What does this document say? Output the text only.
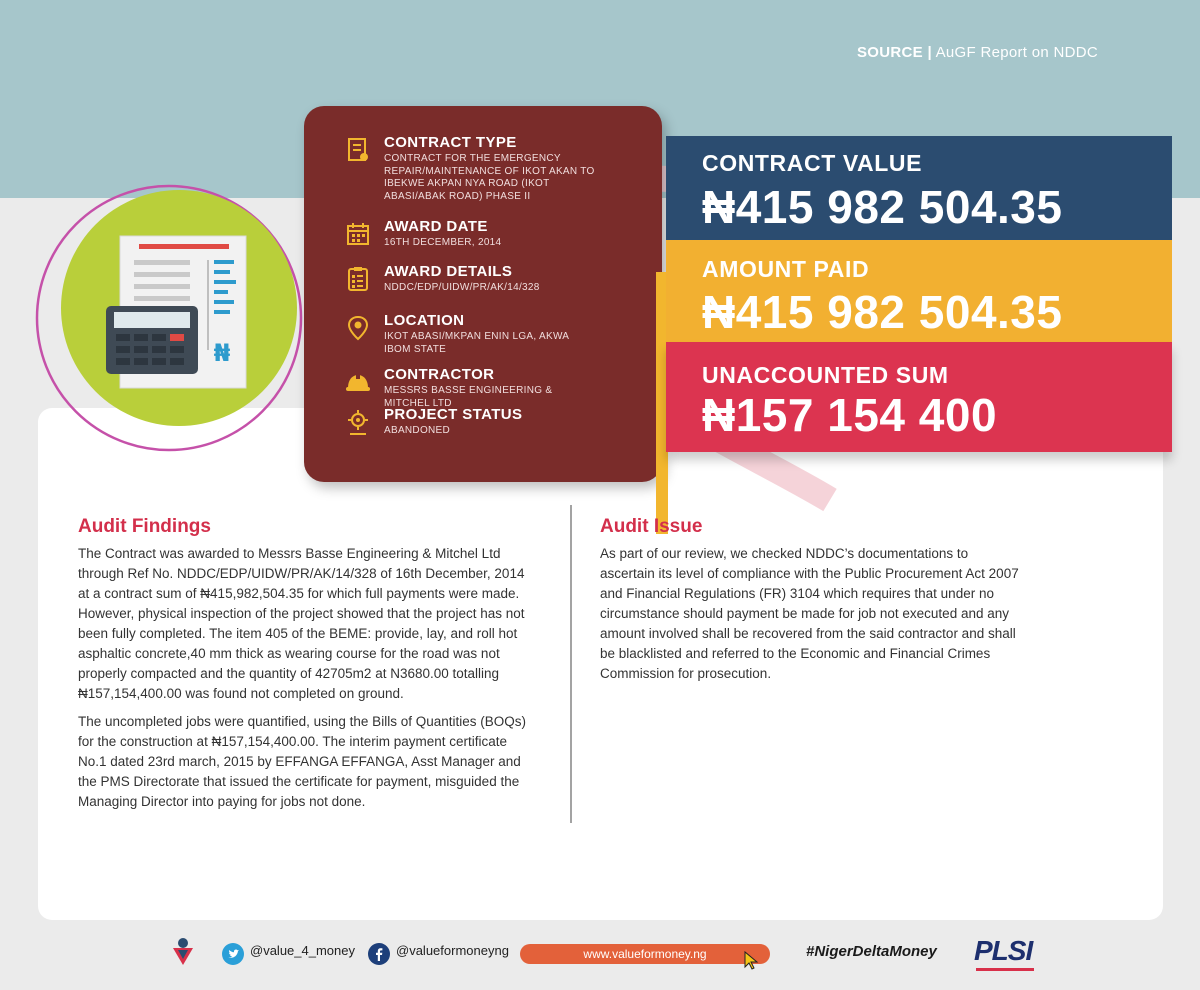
SOURCE | AuGF Report on NDDC
₦
CONTRACT TYPE
CONTRACT FOR THE EMERGENCY REPAIR/MAINTENANCE OF IKOT AKAN TO IBEKWE AKPAN NYA ROAD (IKOT ABASI/ABAK ROAD) PHASE II
AWARD DATE
16TH DECEMBER, 2014
AWARD DETAILS
NDDC/EDP/UIDW/PR/AK/14/328
LOCATION
IKOT ABASI/MKPAN ENIN LGA, AKWA IBOM STATE
CONTRACTOR
MESSRS BASSE ENGINEERING & MITCHEL LTD
PROJECT STATUS
ABANDONED
CONTRACT VALUE
₦415 982 504.35
AMOUNT PAID
₦415 982 504.35
UNACCOUNTED SUM
₦157 154 400
Audit Findings

The Contract was awarded to Messrs Basse Engineering & Mitchel Ltd through Ref No. NDDC/EDP/UIDW/PR/AK/14/328 of 16th December, 2014 at a contract sum of ₦415,982,504.35 for which full payments were made. However, physical inspection of the project showed that the project has not been fully completed. The item 405 of the BEME: provide, lay, and roll hot asphaltic concrete,40 mm thick as wearing course for the road was not properly compacted and the quantity of 42705m2 at N3680.00 totalling ₦157,154,400.00 was found not completed on ground.

The uncompleted jobs were quantified, using the Bills of Quantities (BOQs) for the construction at ₦157,154,400.00. The interim payment certificate No.1 dated 23rd march, 2015 by EFFANGA EFFANGA, Asst Manager and the PMS Directorate that issued the certificate for payment, misguided the Managing Director into paying for jobs not done.

Audit Issue

As part of our review, we checked NDDC’s documentations to ascertain its level of compliance with the Public Procurement Act 2007 and Financial Regulations (FR) 3104 which requires that under no circumstance should payment be made for job not executed and any amount involved shall be recovered from the said contractor and shall be blacklisted and referred to the Economic and Financial Crimes Commission for prosecution.

@value_4_money	@valueformoneyng	www.valueformoney.ng	#NigerDeltaMoney PLSI
